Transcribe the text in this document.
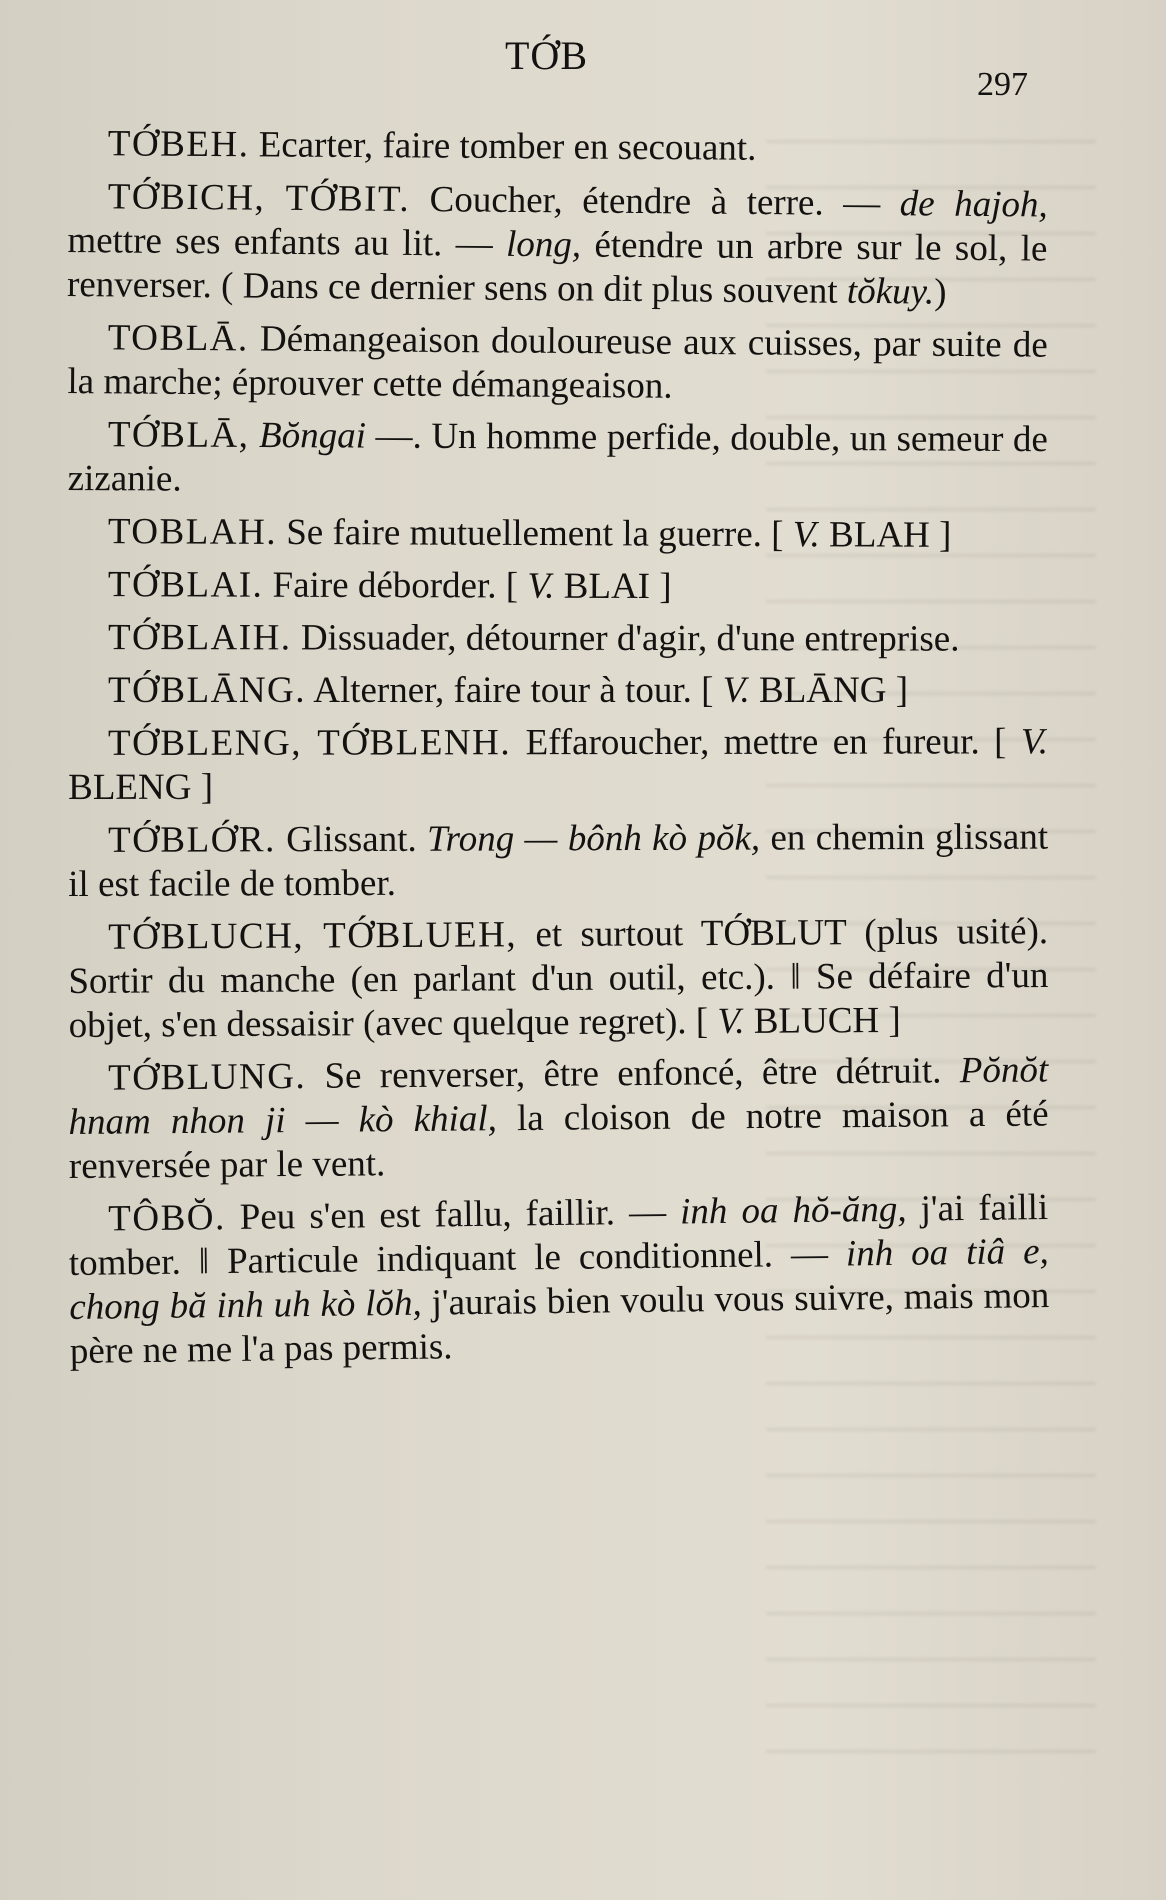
TỚB
297

TỚBEH. Ecarter, faire tomber en secouant.

TỚBICH, TỚBIT. Coucher, étendre à terre. — de hajoh, mettre ses enfants au lit. — long, étendre un arbre sur le sol, le renverser. ( Dans ce dernier sens on dit plus souvent tŏkuy.)

TOBLĀ. Démangeaison douloureuse aux cuisses, par suite de la marche; éprouver cette démangeaison.

TỚBLĀ, Bŏngai —. Un homme perfide, double, un semeur de zizanie.

TOBLAH. Se faire mutuellement la guerre. [ V. BLAH ]

TỚBLAI. Faire déborder. [ V. BLAI ]

TỚBLAIH. Dissuader, détourner d'agir, d'une entreprise.

TỚBLĀNG. Alterner, faire tour à tour. [ V. BLĀNG ]

TỚBLENG, TỚBLENH. Effaroucher, mettre en fureur. [ V. BLENG ]

TỚBLỚR. Glissant. Trong — bônh kò pŏk, en chemin glissant il est facile de tomber.

TỚBLUCH, TỚBLUEH, et surtout TỚBLUT (plus usité). Sortir du manche (en parlant d'un outil, etc.). ‖ Se défaire d'un objet, s'en dessaisir (avec quelque regret). [ V. BLUCH ]

TỚBLUNG. Se renverser, être enfoncé, être détruit. Pŏnŏt hnam nhon ji — kò khial, la cloison de notre maison a été renversée par le vent.

TÔBŎ. Peu s'en est fallu, faillir. — inh oa hŏ-ăng, j'ai failli tomber. ‖ Particule indiquant le conditionnel. — inh oa tiâ e, chong bă inh uh kò lŏh, j'aurais bien voulu vous suivre, mais mon père ne me l'a pas permis.
